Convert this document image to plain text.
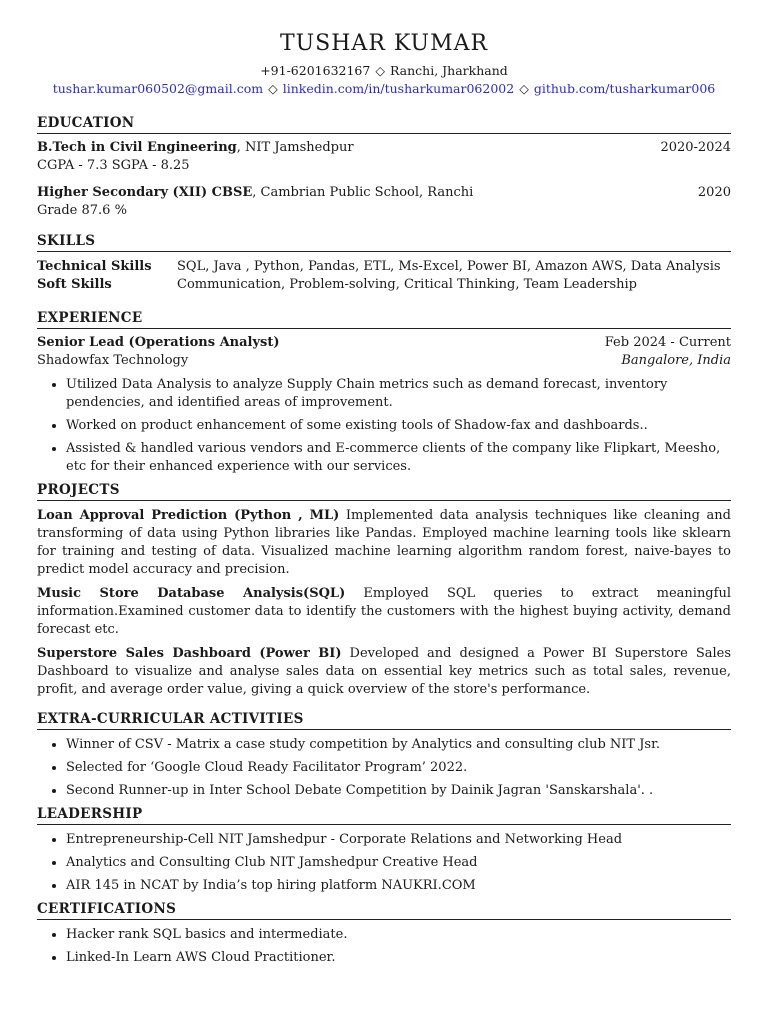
TUSHAR KUMAR
+91-6201632167 ◇ Ranchi, Jharkhand
tushar.kumar060502@gmail.com ◇ linkedin.com/in/tusharkumar062002 ◇ github.com/tusharkumar006
EDUCATION
B.Tech in Civil Engineering, NIT Jamshedpur	2020-2024
CGPA - 7.3 SGPA - 8.25
Higher Secondary (XII) CBSE, Cambrian Public School, Ranchi	2020
Grade 87.6 %
SKILLS
Technical Skills	SQL, Java , Python, Pandas, ETL, Ms-Excel, Power BI, Amazon AWS, Data Analysis
Soft Skills	Communication, Problem-solving, Critical Thinking, Team Leadership
EXPERIENCE
Senior Lead (Operations Analyst)	Feb 2024 - Current
Shadowfax Technology	Bangalore, India
• Utilized Data Analysis to analyze Supply Chain metrics such as demand forecast, inventory pendencies, and identified areas of improvement.
• Worked on product enhancement of some existing tools of Shadow-fax and dashboards..
• Assisted & handled various vendors and E-commerce clients of the company like Flipkart, Meesho, etc for their enhanced experience with our services.
PROJECTS
Loan Approval Prediction (Python , ML) Implemented data analysis techniques like cleaning and transforming of data using Python libraries like Pandas. Employed machine learning tools like sklearn for training and testing of data. Visualized machine learning algorithm random forest, naive-bayes to predict model accuracy and precision.
Music Store Database Analysis(SQL) Employed SQL queries to extract meaningful information.Examined customer data to identify the customers with the highest buying activity, demand forecast etc.
Superstore Sales Dashboard (Power BI) Developed and designed a Power BI Superstore Sales Dashboard to visualize and analyse sales data on essential key metrics such as total sales, revenue, profit, and average order value, giving a quick overview of the store's performance.
EXTRA-CURRICULAR ACTIVITIES
• Winner of CSV - Matrix a case study competition by Analytics and consulting club NIT Jsr.
• Selected for ‘Google Cloud Ready Facilitator Program’ 2022.
• Second Runner-up in Inter School Debate Competition by Dainik Jagran 'Sanskarshala'. .
LEADERSHIP
• Entrepreneurship-Cell NIT Jamshedpur - Corporate Relations and Networking Head
• Analytics and Consulting Club NIT Jamshedpur Creative Head
• AIR 145 in NCAT by India’s top hiring platform NAUKRI.COM
CERTIFICATIONS
• Hacker rank SQL basics and intermediate.
• Linked-In Learn AWS Cloud Practitioner.
